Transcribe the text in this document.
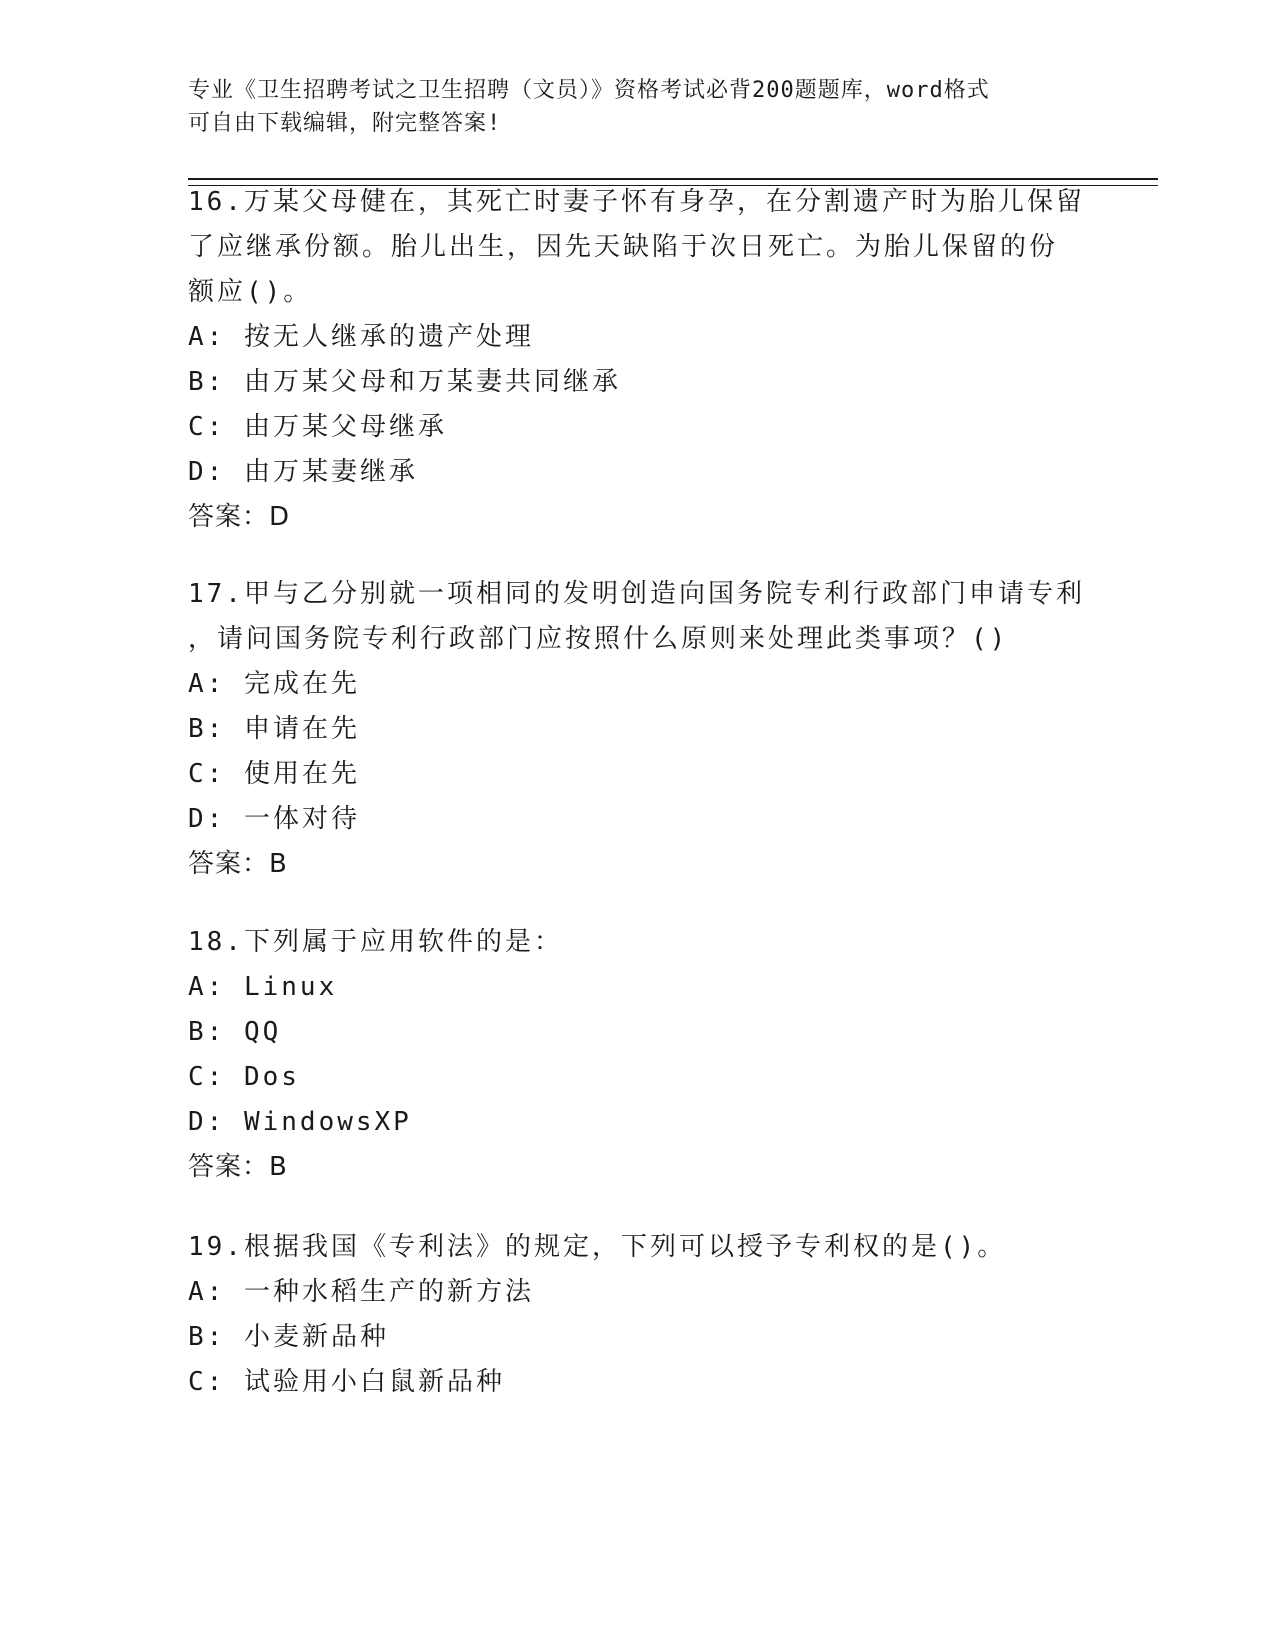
专业《卫生招聘考试之卫生招聘（文员）》资格考试必背200题题库，word格式
可自由下载编辑，附完整答案!
16.万某父母健在，其死亡时妻子怀有身孕，在分割遗产时为胎儿保留
了应继承份额。胎儿出生，因先天缺陷于次日死亡。为胎儿保留的份
额应()。
A: 按无人继承的遗产处理
B: 由万某父母和万某妻共同继承
C: 由万某父母继承
D: 由万某妻继承
答案：D
17.甲与乙分别就一项相同的发明创造向国务院专利行政部门申请专利
，请问国务院专利行政部门应按照什么原则来处理此类事项？()
A: 完成在先
B: 申请在先
C: 使用在先
D: 一体对待
答案：B
18.下列属于应用软件的是：
A: Linux
B: QQ
C: Dos
D: WindowsXP
答案：B
19.根据我国《专利法》的规定，下列可以授予专利权的是()。
A: 一种水稻生产的新方法
B: 小麦新品种
C: 试验用小白鼠新品种
